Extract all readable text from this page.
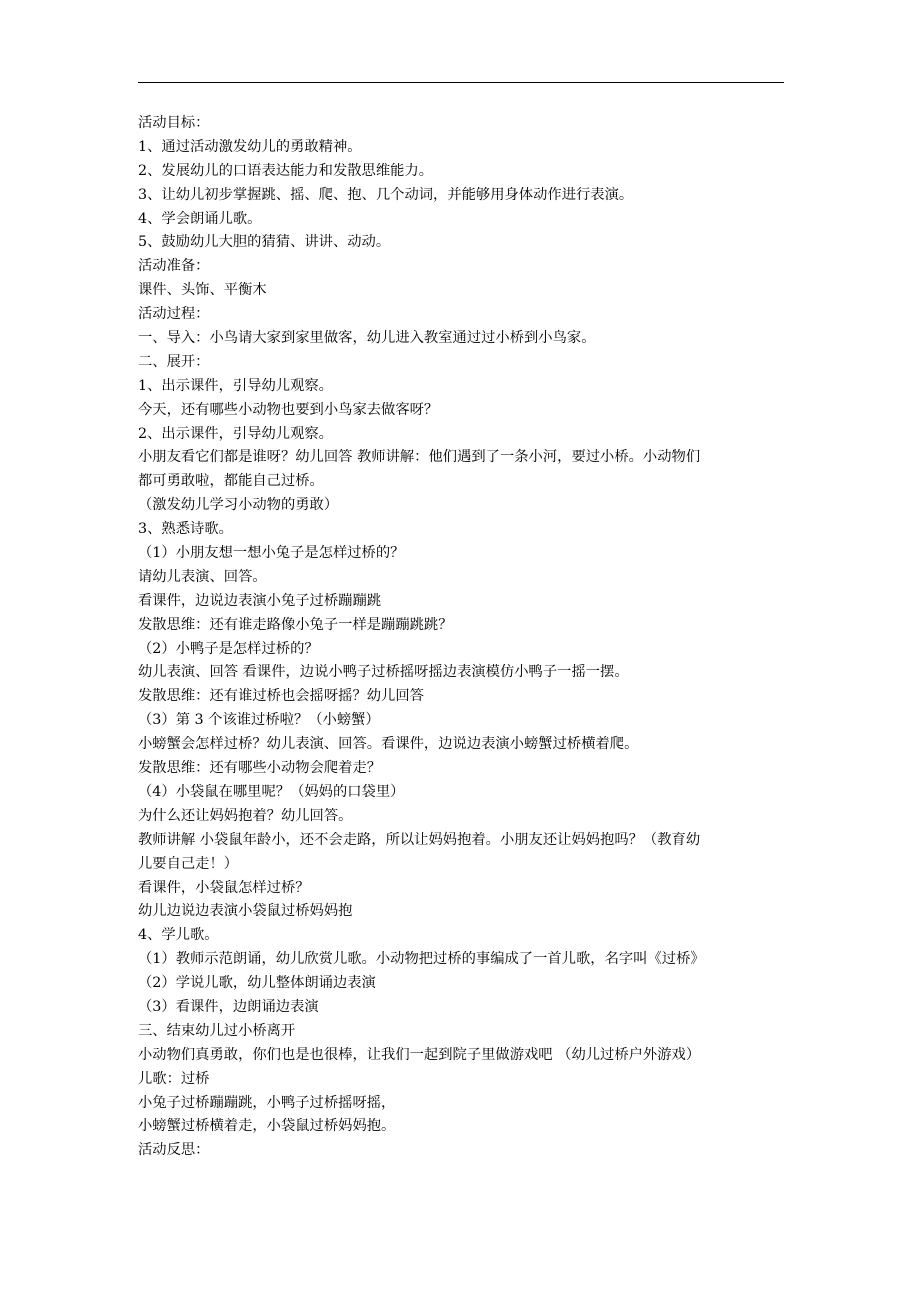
活动目标：

1、通过活动激发幼儿的勇敢精神。

2、发展幼儿的口语表达能力和发散思维能力。

3、让幼儿初步掌握跳、摇、爬、抱、几个动词，并能够用身体动作进行表演。

4、学会朗诵儿歌。

5、鼓励幼儿大胆的猜猜、讲讲、动动。

活动准备：

课件、头饰、平衡木

活动过程：

一、导入：小鸟请大家到家里做客，幼儿进入教室通过过小桥到小鸟家。

二、展开：

1、出示课件，引导幼儿观察。

今天，还有哪些小动物也要到小鸟家去做客呀？

2、出示课件，引导幼儿观察。

小朋友看它们都是谁呀？幼儿回答 教师讲解：他们遇到了一条小河，要过小桥。小动物们

都可勇敢啦，都能自己过桥。

（激发幼儿学习小动物的勇敢）

3、熟悉诗歌。

（1）小朋友想一想小兔子是怎样过桥的？

请幼儿表演、回答。

看课件，边说边表演小兔子过桥蹦蹦跳

发散思维：还有谁走路像小兔子一样是蹦蹦跳跳？

（2）小鸭子是怎样过桥的？

幼儿表演、回答 看课件，边说小鸭子过桥摇呀摇边表演模仿小鸭子一摇一摆。

发散思维：还有谁过桥也会摇呀摇？幼儿回答

（3）第 3 个该谁过桥啦？（小螃蟹）

小螃蟹会怎样过桥？幼儿表演、回答。看课件，边说边表演小螃蟹过桥横着爬。

发散思维：还有哪些小动物会爬着走？

（4）小袋鼠在哪里呢？（妈妈的口袋里）

为什么还让妈妈抱着？幼儿回答。

教师讲解 小袋鼠年龄小，还不会走路，所以让妈妈抱着。小朋友还让妈妈抱吗？（教育幼

儿要自己走！）

看课件，小袋鼠怎样过桥？

幼儿边说边表演小袋鼠过桥妈妈抱

4、学儿歌。

（1）教师示范朗诵，幼儿欣赏儿歌。小动物把过桥的事编成了一首儿歌，名字叫《过桥》

（2）学说儿歌，幼儿整体朗诵边表演

（3）看课件，边朗诵边表演

三、结束幼儿过小桥离开

小动物们真勇敢，你们也是也很棒，让我们一起到院子里做游戏吧 （幼儿过桥户外游戏）

儿歌：过桥

小兔子过桥蹦蹦跳，小鸭子过桥摇呀摇，

小螃蟹过桥横着走，小袋鼠过桥妈妈抱。

活动反思：
